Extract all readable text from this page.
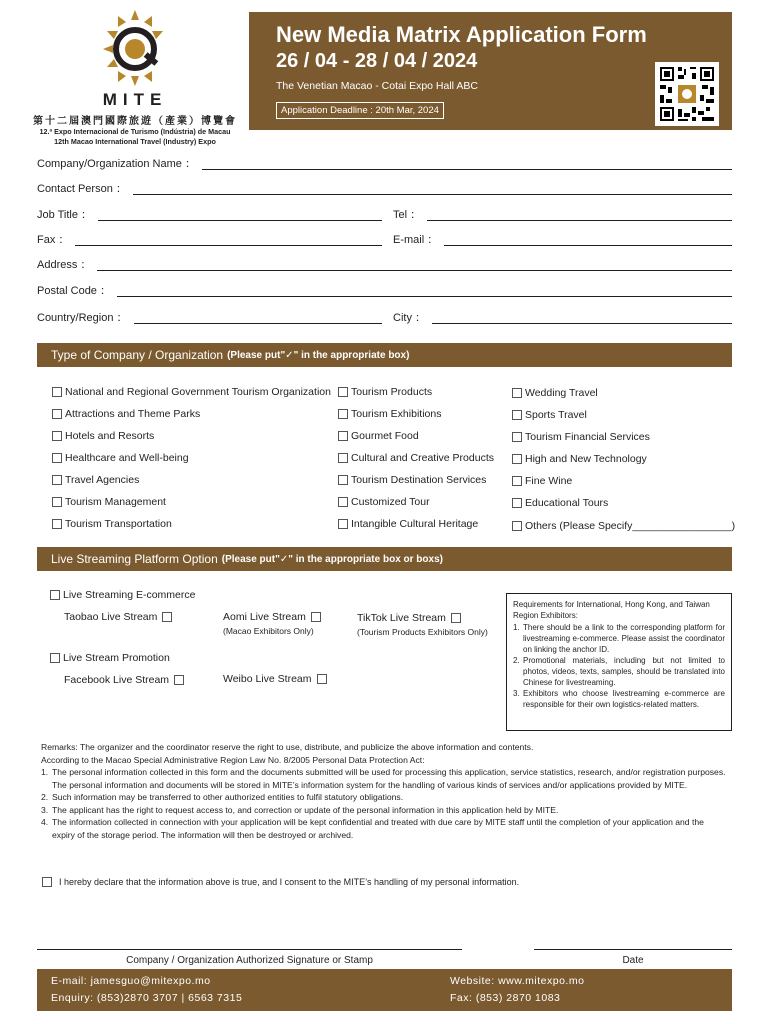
MITE
第十二屆澳門國際旅遊（產業）博覽會
12.ª Expo Internacional de Turismo (Indústria) de Macau
12th Macao International Travel (Industry) Expo
New Media Matrix Application Form
26 / 04 - 28 / 04 / 2024
The Venetian Macao - Cotai Expo Hall ABC
Application Deadline : 20th Mar, 2024
Company/Organization Name ：
Contact Person ：
Job Title ：	Tel ：
Fax ：	E-mail ：
Address ：
Postal Code ：
Country/Region ：	City ：
Type of Company / Organization (Please put"✓" in the appropriate box)
National and Regional Government Tourism Organization
Attractions and Theme Parks
Hotels and Resorts
Healthcare and Well-being
Travel Agencies
Tourism Management
Tourism Transportation
Tourism Products
Tourism Exhibitions
Gourmet Food
Cultural and Creative Products
Tourism Destination Services
Customized Tour
Intangible Cultural Heritage
Wedding Travel
Sports Travel
Tourism Financial Services
High and New Technology
Fine Wine
Educational Tours
Others (Please Specify_________________)
Live Streaming Platform Option (Please put"✓" in the appropriate box or boxs)
Live Streaming E-commerce
Taobao Live Stream	Aomi Live Stream
(Macao Exhibitors Only)
TikTok Live Stream
(Tourism Products Exhibitors Only)
Live Stream Promotion
Facebook Live Stream	Weibo Live Stream

Requirements for International, Hong Kong, and Taiwan Region Exhibitors:

1. There should be a link to the corresponding platform for livestreaming e-commerce. Please assist the coordinator on linking the anchor ID.
2. Promotional materials, including but not limited to photos, videos, texts, samples, should be translated into Chinese for livestreaming.
3. Exhibitors who choose livestreaming e-commerce are responsible for their own logistics-related matters.
Remarks: The organizer and the coordinator reserve the right to use, distribute, and publicize the above information and contents.
According to the Macao Special Administrative Region Law No. 8/2005 Personal Data Protection Act:
1. The personal information collected in this form and the documents submitted will be used for processing this application, service statistics, research, and/or registration purposes. The personal information and documents will be stored in MITE’s information system for the handling of various kinds of services and/or applications provided by MITE.
2. Such information may be transferred to other authorized entities to fulfil statutory obligations.
3. The applicant has the right to request access to, and correction or update of the personal information in this application held by MITE.
4. The information collected in connection with your application will be kept confidential and treated with due care by MITE staff until the completion of your application and the expiry of the storage period. The information will then be destroyed or archived.
I hereby declare that the information above is true, and I consent to the MITE’s handling of my personal information.
Company / Organization Authorized Signature or Stamp	Date
E-mail: jamesguo@mitexpo.mo
Enquiry: (853)2870 3707 | 6563 7315
Website: www.mitexpo.mo
Fax: (853) 2870 1083
